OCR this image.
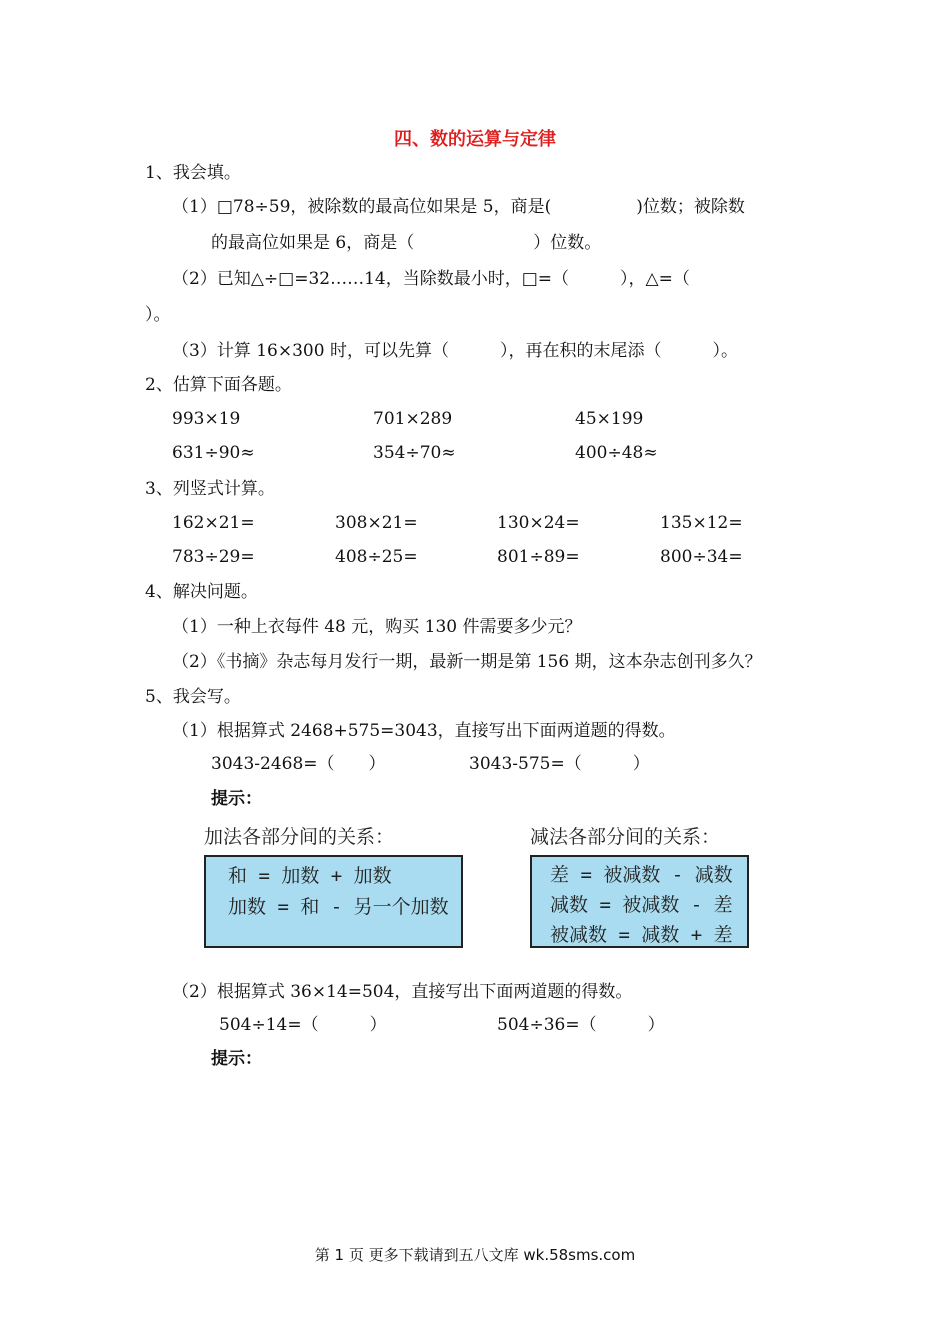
四、数的运算与定律
1、我会填。
（1）□78÷59，被除数的最高位如果是 5，商是(　　　　　)位数；被除数
的最高位如果是 6，商是（　　　　　　　）位数。
（2）已知△÷□=32……14，当除数最小时，□=（　　　），△=（
）。
（3）计算 16×300 时，可以先算（　　　），再在积的末尾添（　　　）。
2、估算下面各题。
993×19	701×289	45×199
631÷90≈	354÷70≈	400÷48≈
3、列竖式计算。
162×21=	308×21=	130×24=	135×12=
783÷29=	408÷25=	801÷89=	800÷34=
4、解决问题。
（1）一种上衣每件 48 元，购买 130 件需要多少元？
（2）《书摘》杂志每月发行一期，最新一期是第 156 期，这本杂志创刊多久？
5、我会写。
（1）根据算式 2468+575=3043，直接写出下面两道题的得数。
3043-2468=（　　）	3043-575=（　　　）
提示：
加法各部分间的关系：
和 = 加数 + 加数
加数 = 和 - 另一个加数
减法各部分间的关系：
差 = 被减数 - 减数
减数 = 被减数 - 差
被减数 = 减数 + 差
（2）根据算式 36×14=504，直接写出下面两道题的得数。
504÷14=（　　　）	504÷36=（　　　）
提示：
第 1 页 更多下载请到五八文库 wk.58sms.com
